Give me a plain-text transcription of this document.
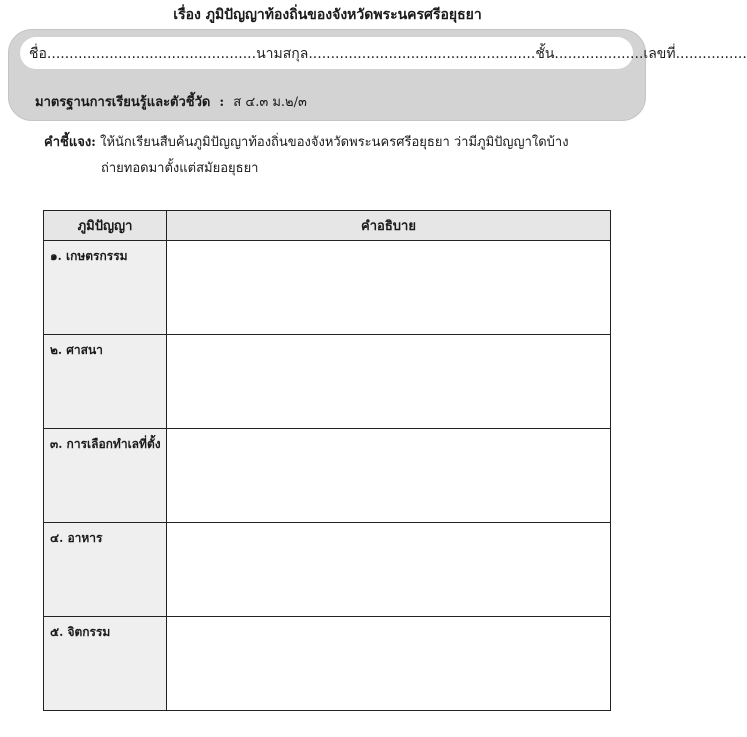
เรื่อง ภูมิปัญญาท้องถิ่นของจังหวัดพระนครศรีอยุธยา
ชื่อ...............................................นามสกุล...................................................ชั้น....................เลขที่................
มาตรฐานการเรียนรู้และตัวชี้วัด : ส ๔.๓ ม.๒/๓
คำชี้แจง: ให้นักเรียนสืบค้นภูมิปัญญาท้องถิ่นของจังหวัดพระนครศรีอยุธยา ว่ามีภูมิปัญญาใดบ้าง
ถ่ายทอดมาตั้งแต่สมัยอยุธยา
ภูมิปัญญา	คำอธิบาย
๑. เกษตรกรรม	
๒. ศาสนา	
๓. การเลือกทำเลที่ตั้ง	
๔. อาหาร	
๕. จิตกรรม	
